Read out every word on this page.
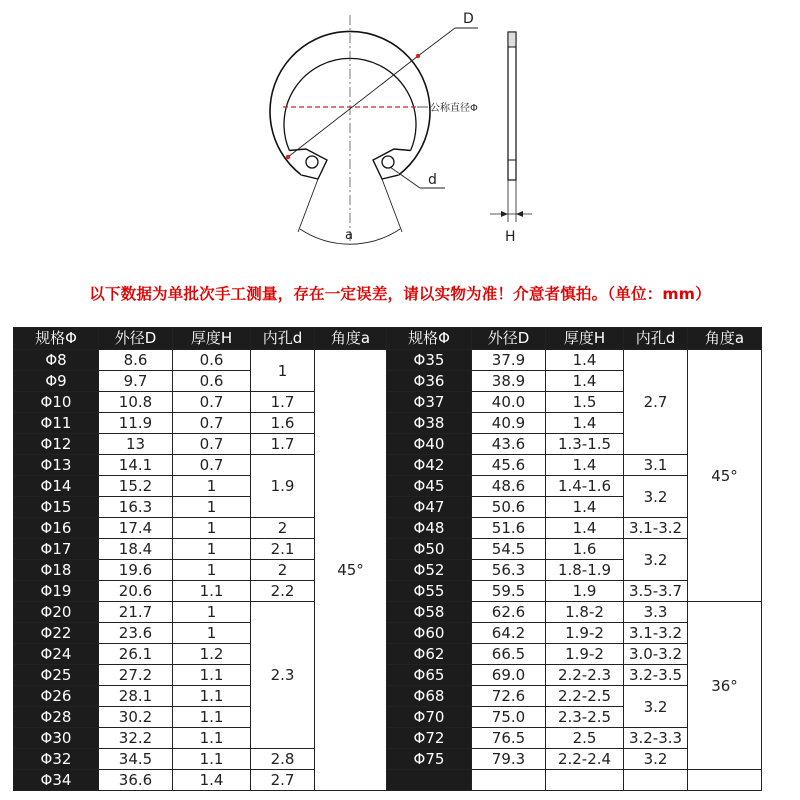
公称直径Φ
D
d
a	H
以下数据为单批次手工测量，存在一定误差，请以实物为准！介意者慎拍。（单位：mm）
规格Φ	外径D	厚度H	内孔d	角度a	规格Φ	外径D	厚度H	内孔d	角度a
Φ8	8.6	0.6	1	45°	Φ35	37.9	1.4	2.7	45°
Φ9	9.7	0.6			Φ36	38.9	1.4		
Φ10	10.8	0.7	1.7		Φ37	40.0	1.5		
Φ11	11.9	0.7	1.6		Φ38	40.9	1.4		
Φ12	13	0.7	1.7		Φ40	43.6	1.3-1.5		
Φ13	14.1	0.7	1.9		Φ42	45.6	1.4	3.1	
Φ14	15.2	1			Φ45	48.6	1.4-1.6	3.2	
Φ15	16.3	1			Φ47	50.6	1.4		
Φ16	17.4	1	2		Φ48	51.6	1.4	3.1-3.2	
Φ17	18.4	1	2.1		Φ50	54.5	1.6	3.2	
Φ18	19.6	1	2		Φ52	56.3	1.8-1.9		
Φ19	20.6	1.1	2.2		Φ55	59.5	1.9	3.5-3.7	
Φ20	21.7	1	2.3		Φ58	62.6	1.8-2	3.3	36°
Φ22	23.6	1			Φ60	64.2	1.9-2	3.1-3.2	
Φ24	26.1	1.2			Φ62	66.5	1.9-2	3.0-3.2	
Φ25	27.2	1.1			Φ65	69.0	2.2-2.3	3.2-3.5	
Φ26	28.1	1.1			Φ68	72.6	2.2-2.5	3.2	
Φ28	30.2	1.1			Φ70	75.0	2.3-2.5		
Φ30	32.2	1.1			Φ72	76.5	2.5	3.2-3.3	
Φ32	34.5	1.1	2.8		Φ75	79.3	2.2-2.4	3.2	
Φ34	36.6	1.4	2.7						
